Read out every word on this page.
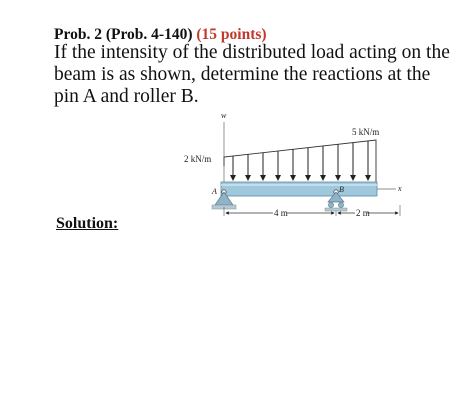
Prob. 2 (Prob. 4-140) (15 points)
If the intensity of the distributed load acting on the beam is as shown, determine the reactions at the pin A and roller B.
w
2 kN/m
5 kN/m
x
A	B
4 m	2 m
Solution:
